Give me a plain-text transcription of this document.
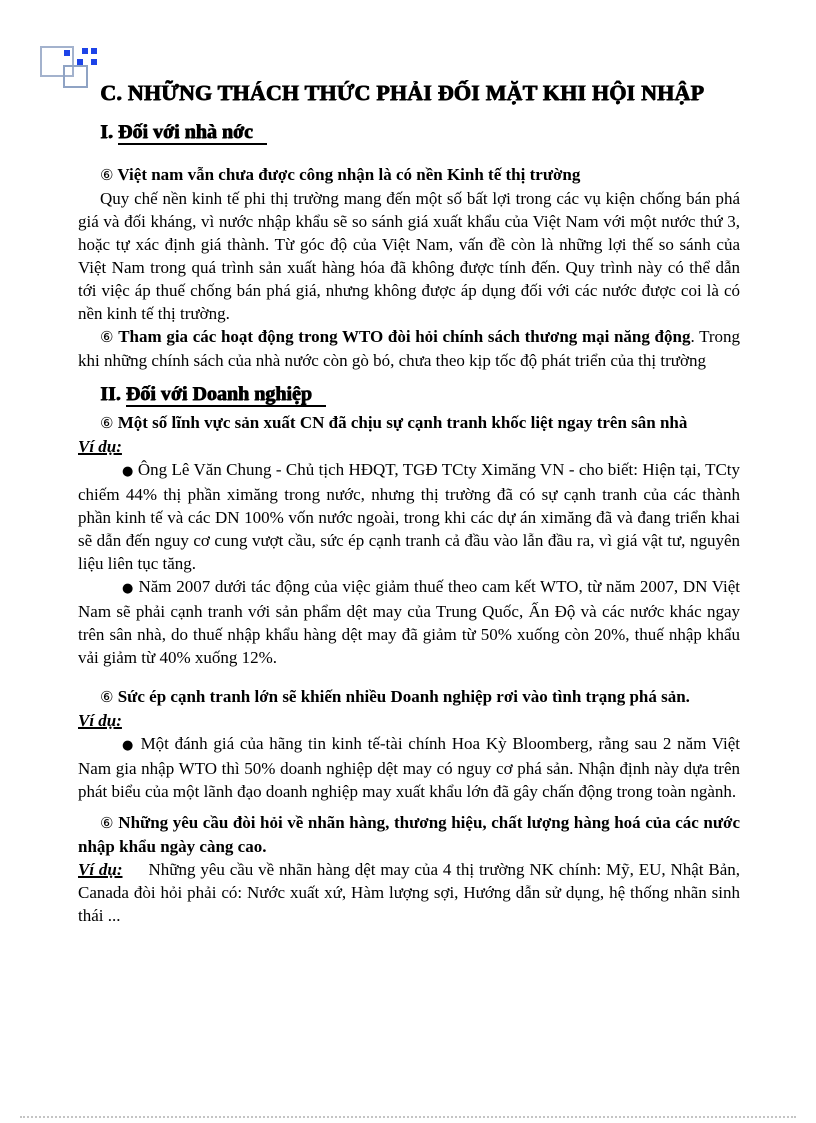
C. NHỮNG THÁCH THỨC PHẢI ĐỐI MẶT KHI HỘI NHẬP
I. Đối với nhà nớc

⑥ Việt nam vẫn chưa được công nhận là có nền Kinh tế thị trường

Quy chế nền kinh tế phi thị trường mang đến một số bất lợi trong các vụ kiện chống bán phá giá và đối kháng, vì nước nhập khẩu sẽ so sánh giá xuất khẩu của Việt Nam với một nước thứ 3, hoặc tự xác định giá thành. Từ góc độ của Việt Nam, vấn đề còn là những lợi thế so sánh của Việt Nam trong quá trình sản xuất hàng hóa đã không được tính đến. Quy trình này có thể dẫn tới việc áp thuế chống bán phá giá, nhưng không được áp dụng đối với các nước được coi là có nền kinh tế thị trường.

⑥ Tham gia các hoạt động trong WTO đòi hỏi chính sách thương mại năng động. Trong khi những chính sách của nhà nước còn gò bó, chưa theo kịp tốc độ phát triển của thị trường

II. Đối với Doanh nghiệp

⑥ Một số lĩnh vực sản xuất CN đã chịu sự cạnh tranh khốc liệt ngay trên sân nhà

Ví dụ:

● Ông Lê Văn Chung - Chủ tịch HĐQT, TGĐ TCty Ximăng VN - cho biết: Hiện tại, TCty chiếm 44% thị phần ximăng trong nước, nhưng thị trường đã có sự cạnh tranh của các thành phần kinh tế và các DN 100% vốn nước ngoài, trong khi các dự án ximăng đã và đang triển khai sẽ dẫn đến nguy cơ cung vượt cầu, sức ép cạnh tranh cả đầu vào lẫn đầu ra, vì giá vật tư, nguyên liệu liên tục tăng.

● Năm 2007 dưới tác động của việc giảm thuế theo cam kết WTO, từ năm 2007, DN Việt Nam sẽ phải cạnh tranh với sản phẩm dệt may của Trung Quốc, Ấn Độ và các nước khác ngay trên sân nhà, do thuế nhập khẩu hàng dệt may đã giảm từ 50% xuống còn 20%, thuế nhập khẩu vải giảm từ 40% xuống 12%.

⑥ Sức ép cạnh tranh lớn sẽ khiến nhiều Doanh nghiệp rơi vào tình trạng phá sản.

Ví dụ:

● Một đánh giá của hãng tin kinh tế-tài chính Hoa Kỳ Bloomberg, rằng sau 2 năm Việt Nam gia nhập WTO thì 50% doanh nghiệp dệt may có nguy cơ phá sản. Nhận định này dựa trên phát biểu của một lãnh đạo doanh nghiệp may xuất khẩu lớn đã gây chấn động trong toàn ngành.

⑥ Những yêu cầu đòi hỏi về nhãn hàng, thương hiệu, chất lượng hàng hoá của các nước nhập khẩu ngày càng cao.

Ví dụ: Những yêu cầu về nhãn hàng dệt may của 4 thị trường NK chính: Mỹ, EU, Nhật Bản, Canada đòi hỏi phải có: Nước xuất xứ, Hàm lượng sợi, Hướng dẫn sử dụng, hệ thống nhãn sinh thái ...
